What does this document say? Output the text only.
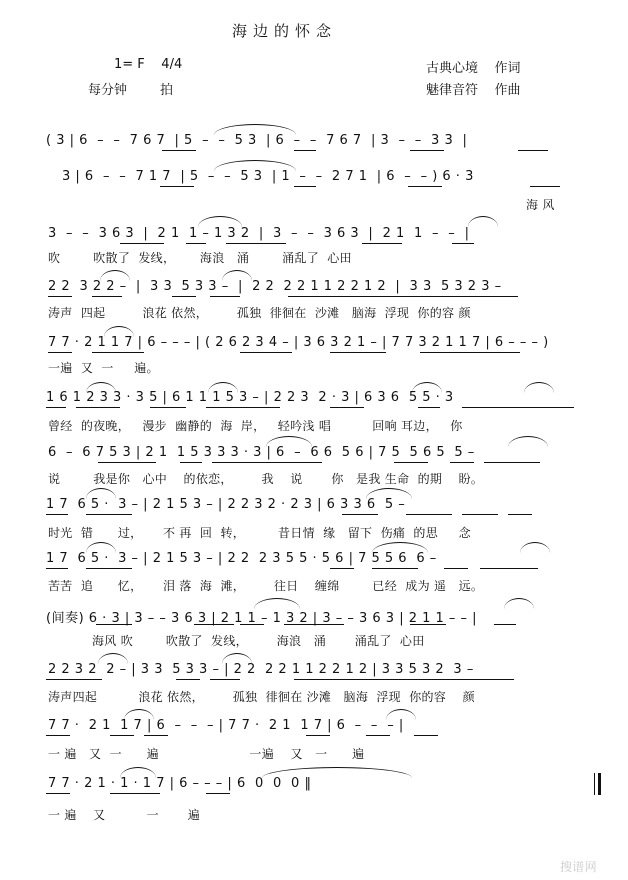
海边的怀念
1= F    4/4
每分钟        拍
古典心境    作词
魅律音符    作曲
( 3 | 6  –  –  7 6 7  | 5  –  –  5 3  | 6  –  –  7 6 7  | 3  –  –  3 3  |
3 | 6  –  –  7 1 7  | 5  –  –  5 3  | 1  –  –  2 7 1  | 6  –  – ) 6 · 3
海 风
3  –  –  3 6 3  |  2 1  1 – 1 3 2  |  3  –  –  3 6 3  |  2 1  1  –  –  |
吹        吹散了  发线，      海浪   涌        涌乱了  心田
2 2  3 2 2 –  |  3 3  5 3 3 –  |  2 2  2 2 1 1 2 2 1 2  |  3 3  5 3 2 3 –
涛声  四起         浪花 依然，       孤独  徘徊在  沙滩   脑海  浮现  你的容 颜
7 7 · 2 1 1 7 | 6 – – – | ( 2 6 2 3 4 – | 3 6 3 2 1 – | 7 7 3 2 1 1 7 | 6 – – – )
一遍  又  一     遍。
1 6 1 2 3 3 · 3 5 | 6 1 1 1 5 3 – | 2 2 3  2 · 3 | 6 3 6  5 5 · 3
曾经  的夜晚，   漫步  幽静的  海  岸，   轻吟浅 唱          回响 耳边，   你
6  –  6 7 5 3 | 2 1  1 5 3 3 3 · 3 | 6  –  6 6  5 6 | 7 5  5 6 5  5 –
说        我是你   心中    的依恋，       我    说       你   是我 生命  的期    盼。
1 7  6 5 ·  3 – | 2 1 5 3 – | 2 2 3 2 · 2 3 | 6 3 3 6  5 –
时光  错      过，     不 再  回  转，        昔日情  缘   留下  伤痛  的思     念
1 7  6 5 ·  3 – | 2 1 5 3 – | 2 2  2 3 5 5 · 5 6 | 7 5 5 6  6 –
苦苦  追      忆，     泪 落  海  滩，       往日    缠绵        已经  成为 遥   远。
(间奏) 6 · 3 | 3 – – 3 6 3 | 2 1 1 – 1 3 2 | 3 – – 3 6 3 | 2 1 1 – – |
海风 吹        吹散了  发线，       海浪   涌       涌乱了  心田
2 2 3 2  2 – | 3 3  5 3 3 – | 2 2  2 2 1 1 2 2 1 2 | 3 3 5 3 2  3 –
涛声四起          浪花 依然，       孤独  徘徊在 沙滩   脑海  浮现  你的容    颜
7 7 ·  2 1  1 7 | 6  –  –  – | 7 7 ·  2 1  1 7 | 6  –  –  – |
一 遍   又  一      遍                      一遍    又   一      遍
7 7 · 2 1 · 1 · 1 7 | 6 – – – | 6  0  0  0 ‖
一 遍    又          一       遍
搜谱网
